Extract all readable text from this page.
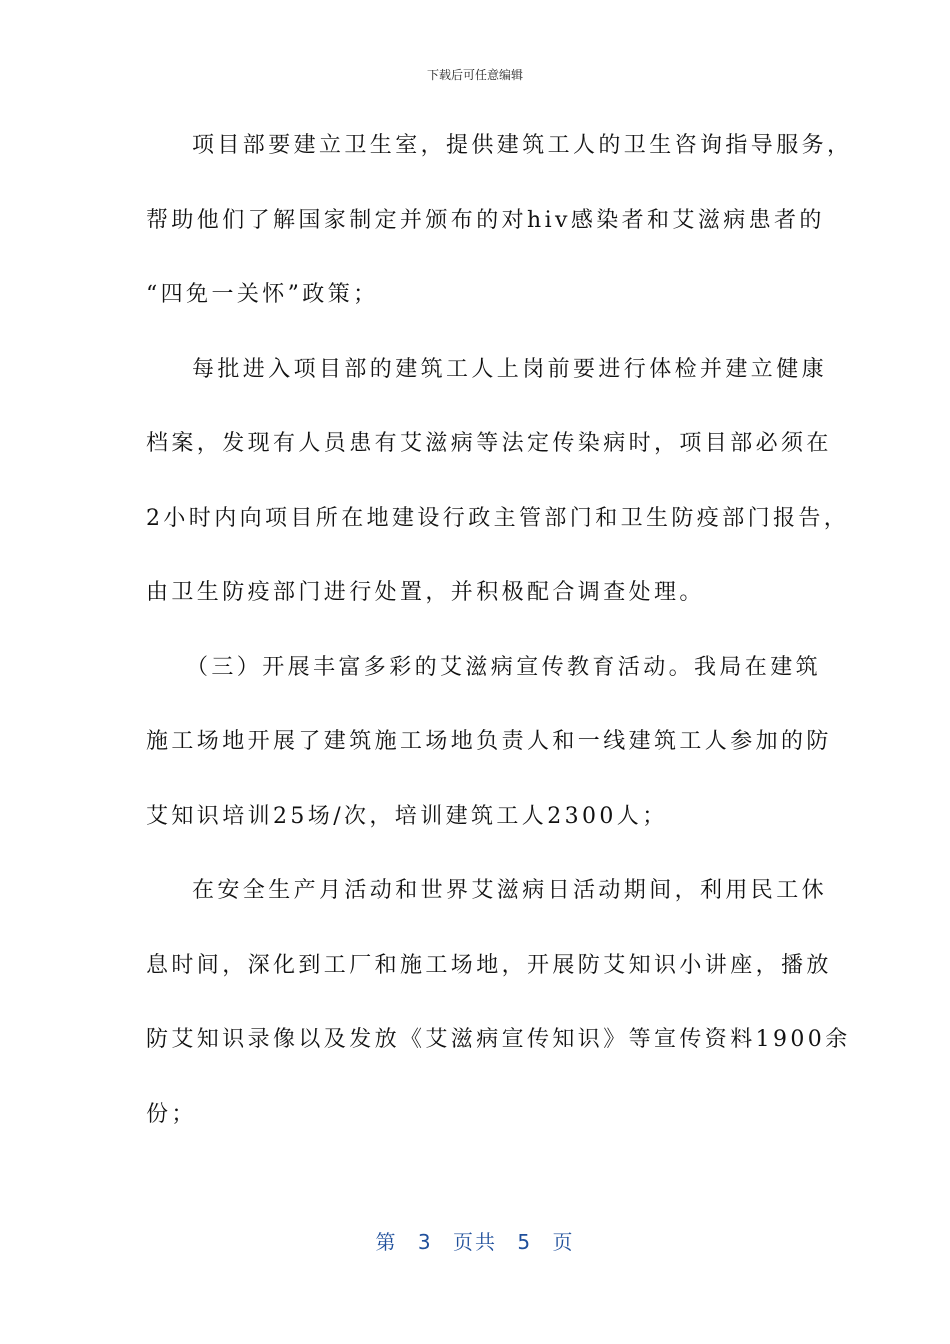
下载后可任意编辑
项目部要建立卫生室，提供建筑工人的卫生咨询指导服务，
帮助他们了解国家制定并颁布的对hiv感染者和艾滋病患者的
“四免一关怀”政策；
每批进入项目部的建筑工人上岗前要进行体检并建立健康
档案，发现有人员患有艾滋病等法定传染病时，项目部必须在
2小时内向项目所在地建设行政主管部门和卫生防疫部门报告，
由卫生防疫部门进行处置，并积极配合调查处理。
（三）开展丰富多彩的艾滋病宣传教育活动。我局在建筑
施工场地开展了建筑施工场地负责人和一线建筑工人参加的防
艾知识培训25场/次，培训建筑工人2300人；
在安全生产月活动和世界艾滋病日活动期间，利用民工休
息时间，深化到工厂和施工场地，开展防艾知识小讲座，播放
防艾知识录像以及发放《艾滋病宣传知识》等宣传资料1900余
份；
第 3 页共 5 页
